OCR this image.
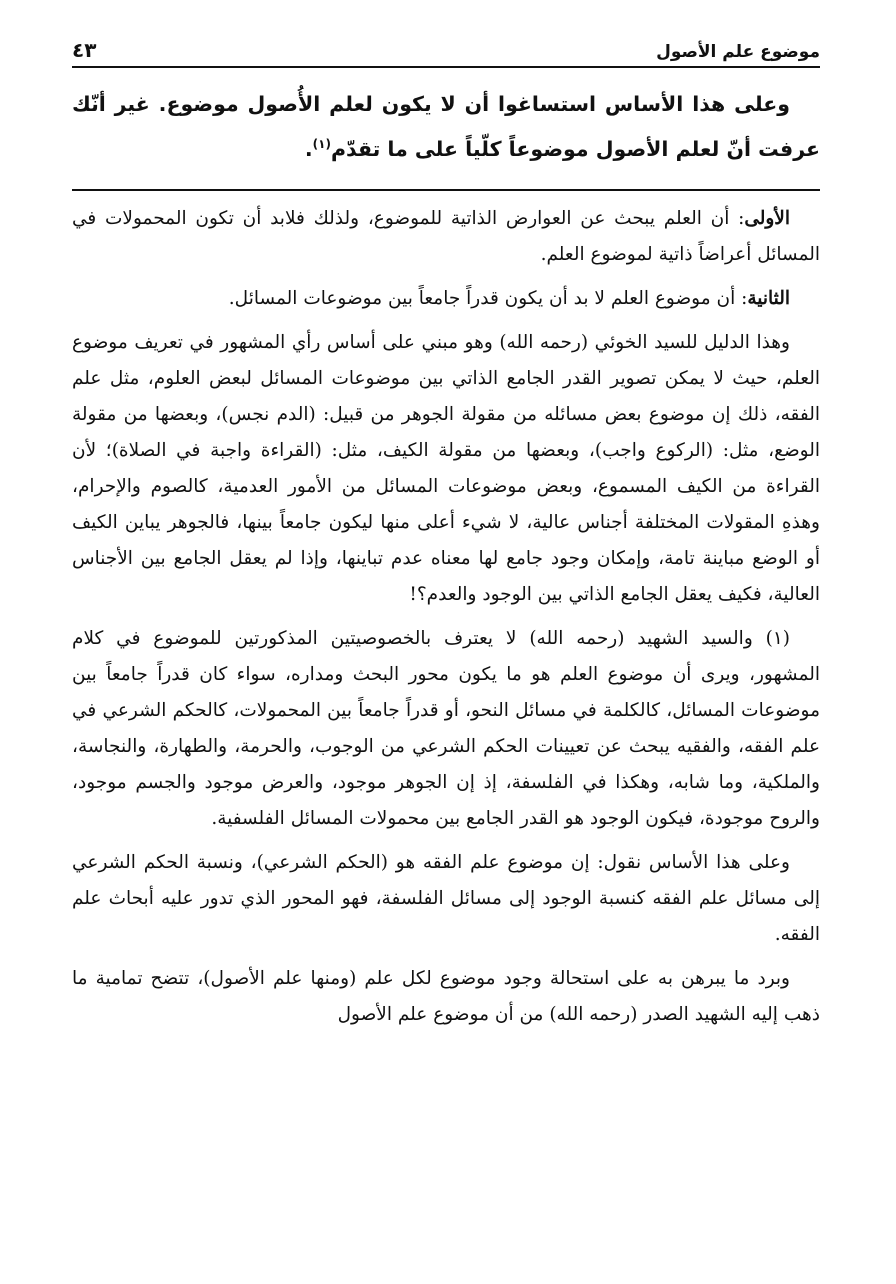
موضوع علم الأصول
٤٣

وعلى هذا الأساس استساغوا أن لا يكون لعلم الأُصول موضوع. غير أنّك عرفت أنّ لعلم الأصول موضوعاً كلّياً على ما تقدّم$^{(١)}$.

الأولى: أن العلم يبحث عن العوارض الذاتية للموضوع، ولذلك فلابد أن تكون المحمولات في المسائل أعراضاً ذاتية لموضوع العلم.

الثانية: أن موضوع العلم لا بد أن يكون قدراً جامعاً بين موضوعات المسائل.

وهذا الدليل للسيد الخوئي (رحمه الله) وهو مبني على أساس رأي المشهور في تعريف موضوع العلم، حيث لا يمكن تصوير القدر الجامع الذاتي بين موضوعات المسائل لبعض العلوم، مثل علم الفقه، ذلك إن موضوع بعض مسائله من مقولة الجوهر من قبيل: (الدم نجس)، وبعضها من مقولة الوضع، مثل: (الركوع واجب)، وبعضها من مقولة الكيف، مثل: (القراءة واجبة في الصلاة)؛ لأن القراءة من الكيف المسموع، وبعض موضوعات المسائل من الأمور العدمية، كالصوم والإحرام، وهذهِ المقولات المختلفة أجناس عالية، لا شيء أعلى منها ليكون جامعاً بينها، فالجوهر يباين الكيف أو الوضع مباينة تامة، وإمكان وجود جامع لها معناه عدم تباينها، وإذا لم يعقل الجامع بين الأجناس العالية، فكيف يعقل الجامع الذاتي بين الوجود والعدم؟!

(١) والسيد الشهيد (رحمه الله) لا يعترف بالخصوصيتين المذكورتين للموضوع في كلام المشهور، ويرى أن موضوع العلم هو ما يكون محور البحث ومداره، سواء كان قدراً جامعاً بين موضوعات المسائل، كالكلمة في مسائل النحو، أو قدراً جامعاً بين المحمولات، كالحكم الشرعي في علم الفقه، والفقيه يبحث عن تعيينات الحكم الشرعي من الوجوب، والحرمة، والطهارة، والنجاسة، والملكية، وما شابه، وهكذا في الفلسفة، إذ إن الجوهر موجود، والعرض موجود والجسم موجود، والروح موجودة، فيكون الوجود هو القدر الجامع بين محمولات المسائل الفلسفية.

وعلى هذا الأساس نقول: إن موضوع علم الفقه هو (الحكم الشرعي)، ونسبة الحكم الشرعي إلى مسائل علم الفقه كنسبة الوجود إلى مسائل الفلسفة، فهو المحور الذي تدور عليه أبحاث علم الفقه.

وبرد ما يبرهن به على استحالة وجود موضوع لكل علم (ومنها علم الأصول)، تتضح تمامية ما ذهب إليه الشهيد الصدر (رحمه الله) من أن موضوع علم الأصول
